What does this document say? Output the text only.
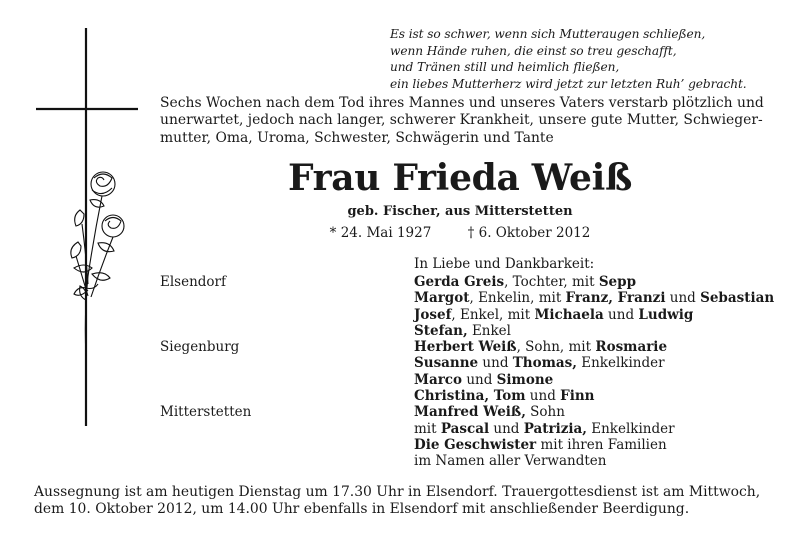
Es ist so schwer, wenn sich Mutteraugen schließen,
wenn Hände ruhen, die einst so treu geschafft,
und Tränen still und heimlich fließen,
ein liebes Mutterherz wird jetzt zur letzten Ruh’ gebracht.
Sechs Wochen nach dem Tod ihres Mannes und unseres Vaters verstarb plötzlich und
unerwartet, jedoch nach langer, schwerer Krankheit, unsere gute Mutter, Schwieger-
mutter, Oma, Uroma, Schwester, Schwägerin und Tante
Frau Frieda Weiß
geb. Fischer, aus Mitterstetten
* 24. Mai 1927	† 6. Oktober 2012
In Liebe und Dankbarkeit:
Elsendorf
Siegenburg
Mitterstetten
Gerda Greis, Tochter, mit Sepp
Margot, Enkelin, mit Franz, Franzi und Sebastian
Josef, Enkel, mit Michaela und Ludwig
Stefan, Enkel
Herbert Weiß, Sohn, mit Rosmarie
Susanne und Thomas, Enkelkinder
Marco und Simone
Christina, Tom und Finn
Manfred Weiß, Sohn
mit Pascal und Patrizia, Enkelkinder
Die Geschwister mit ihren Familien
im Namen aller Verwandten
Aussegnung ist am heutigen Dienstag um 17.30 Uhr in Elsendorf. Trauergottesdienst ist am Mittwoch,
dem 10. Oktober 2012, um 14.00 Uhr ebenfalls in Elsendorf mit anschließender Beerdigung.
